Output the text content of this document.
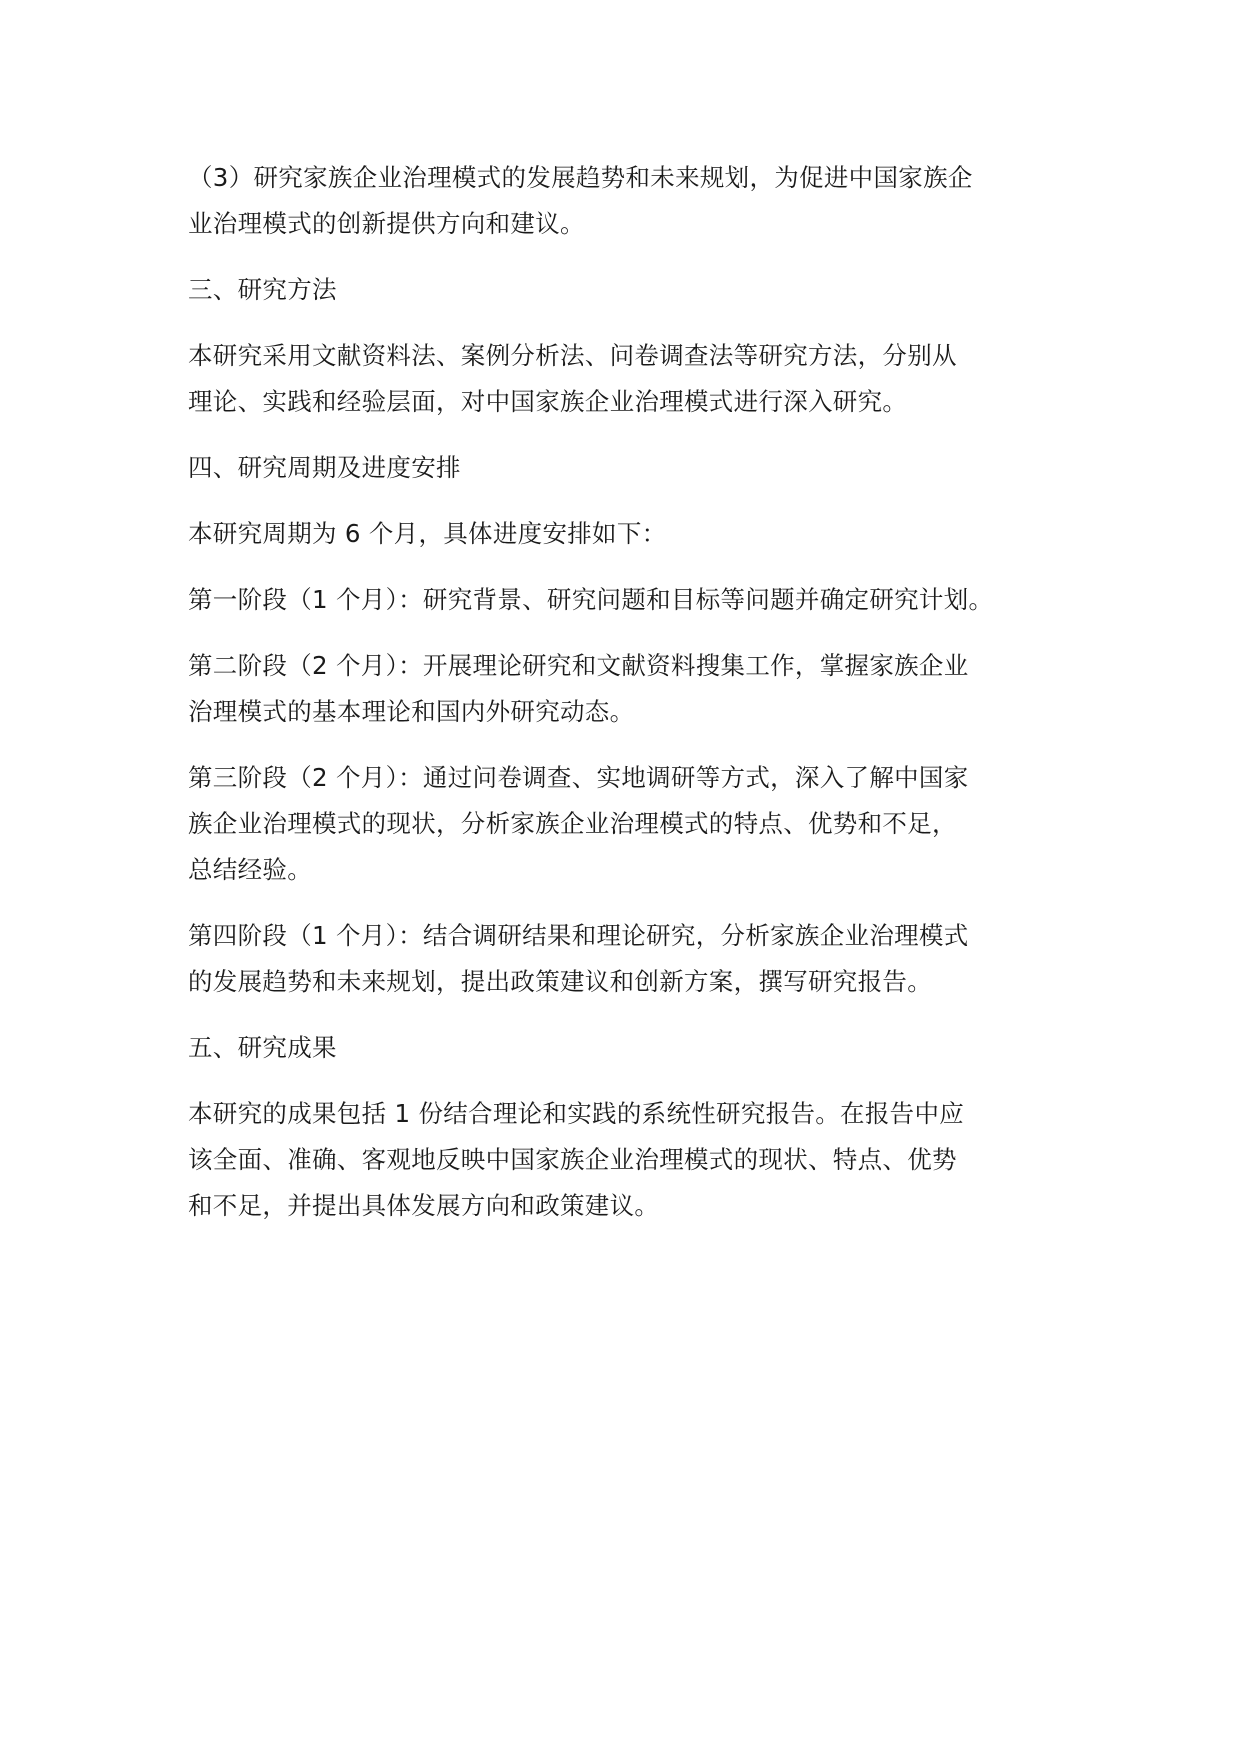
（3）研究家族企业治理模式的发展趋势和未来规划，为促进中国家族企
业治理模式的创新提供方向和建议。

三、研究方法

本研究采用文献资料法、案例分析法、问卷调查法等研究方法，分别从
理论、实践和经验层面，对中国家族企业治理模式进行深入研究。

四、研究周期及进度安排

本研究周期为 6 个月，具体进度安排如下：

第一阶段（1 个月）：研究背景、研究问题和目标等问题并确定研究计划。

第二阶段（2 个月）：开展理论研究和文献资料搜集工作，掌握家族企业
治理模式的基本理论和国内外研究动态。

第三阶段（2 个月）：通过问卷调查、实地调研等方式，深入了解中国家
族企业治理模式的现状，分析家族企业治理模式的特点、优势和不足，
总结经验。

第四阶段（1 个月）：结合调研结果和理论研究，分析家族企业治理模式
的发展趋势和未来规划，提出政策建议和创新方案，撰写研究报告。

五、研究成果

本研究的成果包括 1 份结合理论和实践的系统性研究报告。在报告中应
该全面、准确、客观地反映中国家族企业治理模式的现状、特点、优势
和不足，并提出具体发展方向和政策建议。
